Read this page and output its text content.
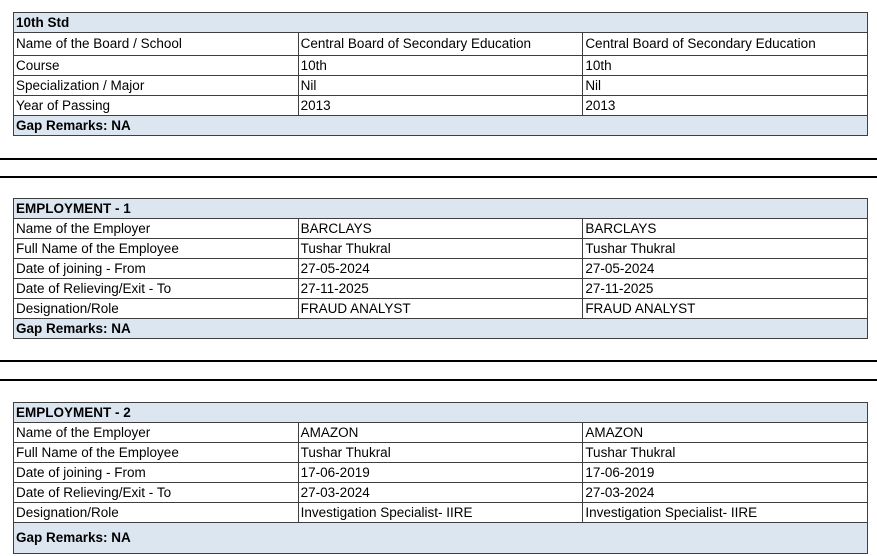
10th Std		
Name of the Board / School	Central Board of Secondary Education	Central Board of Secondary Education
Course	10th	10th
Specialization / Major	Nil	Nil
Year of Passing	2013	2013
Gap Remarks: NA		
EMPLOYMENT - 1		
Name of the Employer	BARCLAYS	BARCLAYS
Full Name of the Employee	Tushar Thukral	Tushar Thukral
Date of joining - From	27-05-2024	27-05-2024
Date of Relieving/Exit - To	27-11-2025	27-11-2025
Designation/Role	FRAUD ANALYST	FRAUD ANALYST
Gap Remarks: NA		
EMPLOYMENT - 2		
Name of the Employer	AMAZON	AMAZON
Full Name of the Employee	Tushar Thukral	Tushar Thukral
Date of joining - From	17-06-2019	17-06-2019
Date of Relieving/Exit - To	27-03-2024	27-03-2024
Designation/Role	Investigation Specialist- IIRE	Investigation Specialist- IIRE
Gap Remarks: NA		
